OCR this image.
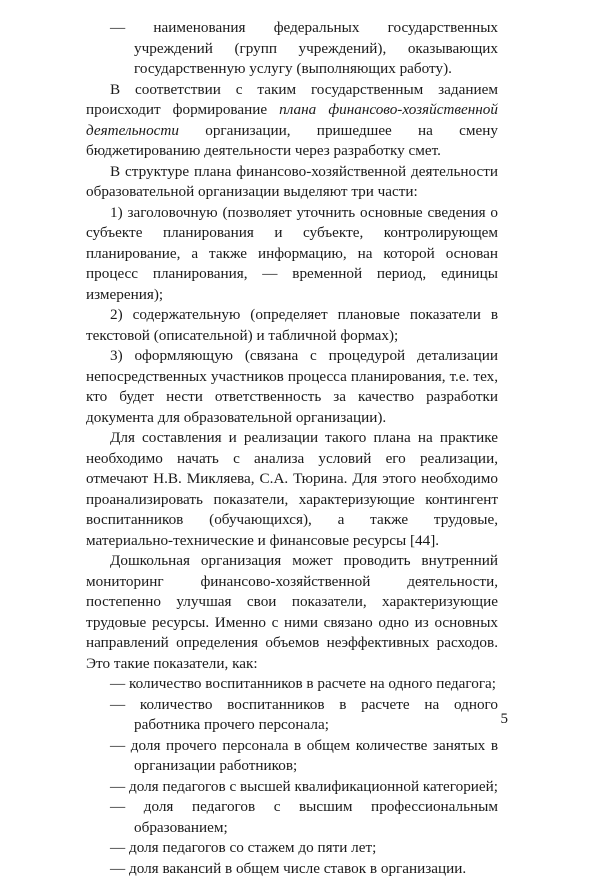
— наименования федеральных государственных учреждений (групп учреждений), оказывающих государственную услугу (выполняющих работу).

В соответствии с таким государственным заданием происходит формирование плана финансово-хозяйственной деятельности организации, пришедшее на смену бюджетированию деятельности через разработку смет.

В структуре плана финансово-хозяйственной деятельности образовательной организации выделяют три части:

1) заголовочную (позволяет уточнить основные сведения о субъекте планирования и субъекте, контролирующем планирование, а также информацию, на которой основан процесс планирования, — временной период, единицы измерения);

2) содержательную (определяет плановые показатели в текстовой (описательной) и табличной формах);

3) оформляющую (связана с процедурой детализации непосредственных участников процесса планирования, т.е. тех, кто будет нести ответственность за качество разработки документа для образовательной организации).

Для составления и реализации такого плана на практике необходимо начать с анализа условий его реализации, отмечают Н.В. Микляева, С.А. Тюрина. Для этого необходимо проанализировать показатели, характеризующие контингент воспитанников (обучающихся), а также трудовые, материально-технические и финансовые ресурсы [44].

Дошкольная организация может проводить внутренний мониторинг финансово-хозяйственной деятельности, постепенно улучшая свои показатели, характеризующие трудовые ресурсы. Именно с ними связано одно из основных направлений определения объемов неэффективных расходов. Это такие показатели, как:

— количество воспитанников в расчете на одного педагога;

— количество воспитанников в расчете на одного работника прочего персонала;

— доля прочего персонала в общем количестве занятых в организации работников;

— доля педагогов с высшей квалификационной категорией;

— доля педагогов с высшим профессиональным образованием;

— доля педагогов со стажем до пяти лет;

— доля вакансий в общем числе ставок в организации.

5
